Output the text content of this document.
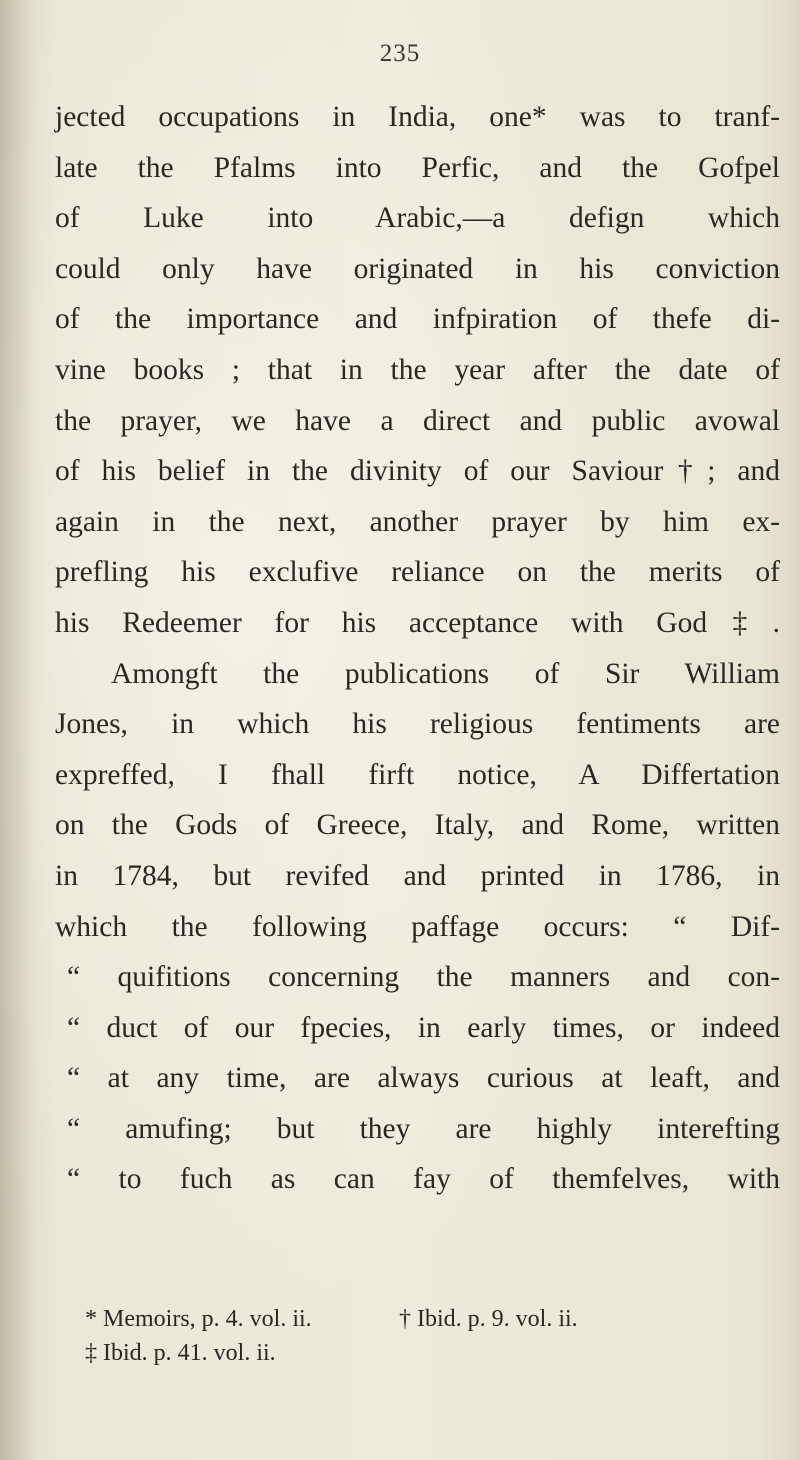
235
jected occupations in India, one* was to tranf-
late the Pfalms into Perfic, and the Gofpel
of Luke into Arabic,—a defign which
could only have originated in his conviction
of the importance and infpiration of thefe di-
vine books ; that in the year after the date of
the prayer, we have a direct and public avowal
of his belief in the divinity of our Saviour†; and
again in the next, another prayer by him ex-
prefling his exclufive reliance on the merits of
his Redeemer for his acceptance with God‡.
Amongft the publications of Sir William
Jones, in which his religious fentiments are
expreffed, I fhall firft notice, A Differtation
on the Gods of Greece, Italy, and Rome, written
in 1784, but revifed and printed in 1786, in
which the following paffage occurs: “ Dif-
“ quifitions concerning the manners and con-
“ duct of our fpecies, in early times, or indeed
“ at any time, are always curious at leaft, and
“ amufing; but they are highly interefting
“ to fuch as can fay of themfelves, with
* Memoirs, p. 4. vol. ii.	† Ibid. p. 9. vol. ii.
‡ Ibid. p. 41. vol. ii.
